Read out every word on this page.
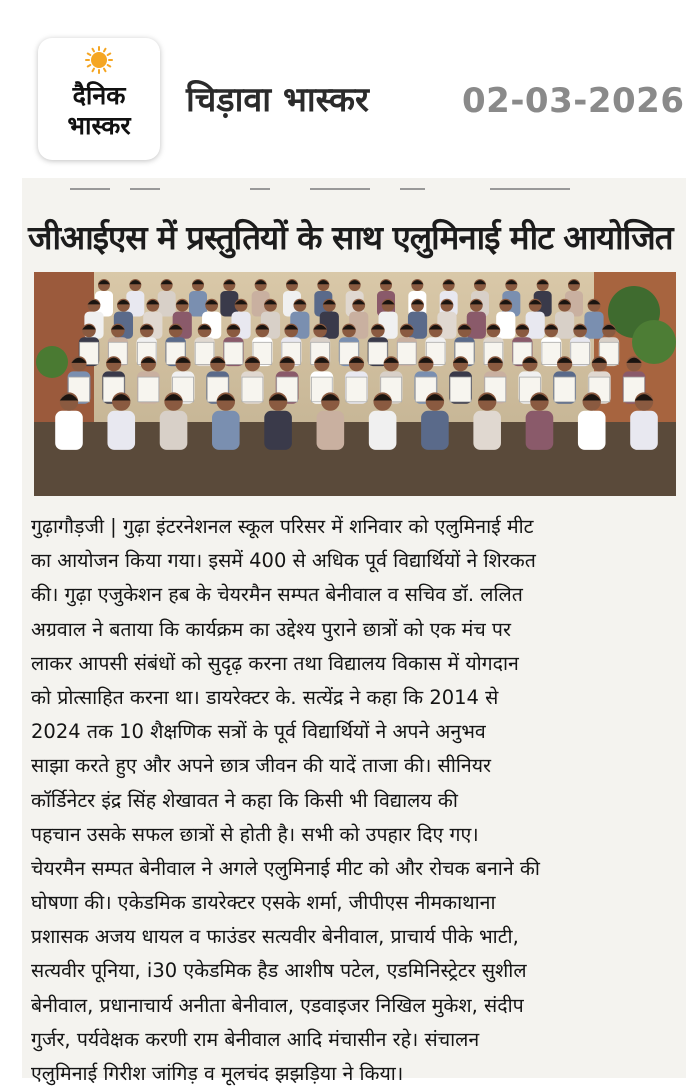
दैनिक
भास्कर
चिड़ावा भास्कर	02-03-2026
जीआईएस में प्रस्तुतियों के साथ एलुमिनाई मीट आयोजित
गुढ़ागौड़जी | गुढ़ा इंटरनेशनल स्कूल परिसर में शनिवार को एलुमिनाई मीट
का आयोजन किया गया। इसमें 400 से अधिक पूर्व विद्यार्थियों ने शिरकत
की। गुढ़ा एजुकेशन हब के चेयरमैन सम्पत बेनीवाल व सचिव डॉ. ललित
अग्रवाल ने बताया कि कार्यक्रम का उद्देश्य पुराने छात्रों को एक मंच पर
लाकर आपसी संबंधों को सुदृढ़ करना तथा विद्यालय विकास में योगदान
को प्रोत्साहित करना था। डायरेक्टर के. सत्येंद्र ने कहा कि 2014 से
2024 तक 10 शैक्षणिक सत्रों के पूर्व विद्यार्थियों ने अपने अनुभव
साझा करते हुए और अपने छात्र जीवन की यादें ताजा की। सीनियर
कॉर्डिनेटर इंद्र सिंह शेखावत ने कहा कि किसी भी विद्यालय की
पहचान उसके सफल छात्रों से होती है। सभी को उपहार दिए गए।
चेयरमैन सम्पत बेनीवाल ने अगले एलुमिनाई मीट को और रोचक बनाने की
घोषणा की। एकेडमिक डायरेक्टर एसके शर्मा, जीपीएस नीमकाथाना
प्रशासक अजय धायल व फाउंडर सत्यवीर बेनीवाल, प्राचार्य पीके भाटी,
सत्यवीर पूनिया, i30 एकेडमिक हैड आशीष पटेल, एडमिनिस्ट्रेटर सुशील
बेनीवाल, प्रधानाचार्य अनीता बेनीवाल, एडवाइजर निखिल मुकेश, संदीप
गुर्जर, पर्यवेक्षक करणी राम बेनीवाल आदि मंचासीन रहे। संचालन
एलुमिनाई गिरीश जांगिड़ व मूलचंद झझड़िया ने किया।
